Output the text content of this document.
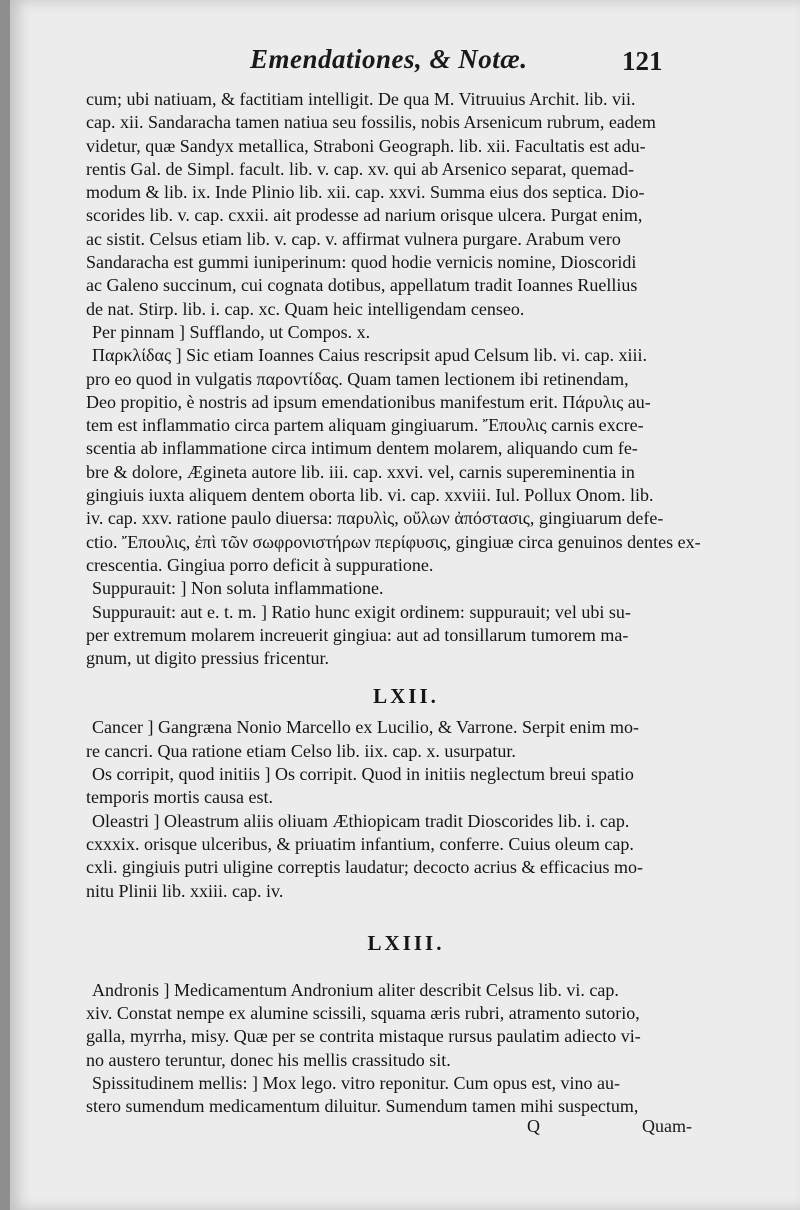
Emendationes, & Notæ.	121
cum; ubi natiuam, & factitiam intelligit. De qua M. Vitruuius Archit. lib. vii.
cap. xii. Sandaracha tamen natiua seu fossilis, nobis Arsenicum rubrum, eadem
videtur, quæ Sandyx metallica, Straboni Geograph. lib. xii. Facultatis est adu-
rentis Gal. de Simpl. facult. lib. v. cap. xv. qui ab Arsenico separat, quemad-
modum & lib. ix. Inde Plinio lib. xii. cap. xxvi. Summa eius dos septica. Dio-
scorides lib. v. cap. cxxii. ait prodesse ad narium orisque ulcera. Purgat enim,
ac sistit. Celsus etiam lib. v. cap. v. affirmat vulnera purgare. Arabum vero
Sandaracha est gummi iuniperinum: quod hodie vernicis nomine, Dioscoridi
ac Galeno succinum, cui cognata dotibus, appellatum tradit Ioannes Ruellius
de nat. Stirp. lib. i. cap. xc. Quam heic intelligendam censeo.
Per pinnam ] Sufflando, ut Compos. x.
Παρκλίδας ] Sic etiam Ioannes Caius rescripsit apud Celsum lib. vi. cap. xiii.
pro eo quod in vulgatis παροντίδας. Quam tamen lectionem ibi retinendam,
Deo propitio, è nostris ad ipsum emendationibus manifestum erit. Πάρυλις au-
tem est inflammatio circa partem aliquam gingiuarum. Ἔπουλις carnis excre-
scentia ab inflammatione circa intimum dentem molarem, aliquando cum fe-
bre & dolore, Ægineta autore lib. iii. cap. xxvi. vel, carnis supereminentia in
gingiuis iuxta aliquem dentem oborta lib. vi. cap. xxviii. Iul. Pollux Onom. lib.
iv. cap. xxv. ratione paulo diuersa: παρυλὶς, οὔλων ἀπόστασις, gingiuarum defe-
ctio. Ἔπουλις, ἐπὶ τῶν σωφρονιστήρων περίφυσις, gingiuæ circa genuinos dentes ex-
crescentia. Gingiua porro deficit à suppuratione.
Suppurauit: ] Non soluta inflammatione.
Suppurauit: aut e. t. m. ] Ratio hunc exigit ordinem: suppurauit; vel ubi su-
per extremum molarem increuerit gingiua: aut ad tonsillarum tumorem ma-
gnum, ut digito pressius fricentur.
LXII.
Cancer ] Gangræna Nonio Marcello ex Lucilio, & Varrone. Serpit enim mo-
re cancri. Qua ratione etiam Celso lib. iix. cap. x. usurpatur.
Os corripit, quod initiis ] Os corripit. Quod in initiis neglectum breui spatio
temporis mortis causa est.
Oleastri ] Oleastrum aliis oliuam Æthiopicam tradit Dioscorides lib. i. cap.
cxxxix. orisque ulceribus, & priuatim infantium, conferre. Cuius oleum cap.
cxli. gingiuis putri uligine correptis laudatur; decocto acrius & efficacius mo-
nitu Plinii lib. xxiii. cap. iv.
LXIII.
Andronis ] Medicamentum Andronium aliter describit Celsus lib. vi. cap.
xiv. Constat nempe ex alumine scissili, squama æris rubri, atramento sutorio,
galla, myrrha, misy. Quæ per se contrita mistaque rursus paulatim adiecto vi-
no austero teruntur, donec his mellis crassitudo sit.
Spissitudinem mellis: ] Mox lego. vitro reponitur. Cum opus est, vino au-
stero sumendum medicamentum diluitur. Sumendum tamen mihi suspectum,
Q	Quam-
